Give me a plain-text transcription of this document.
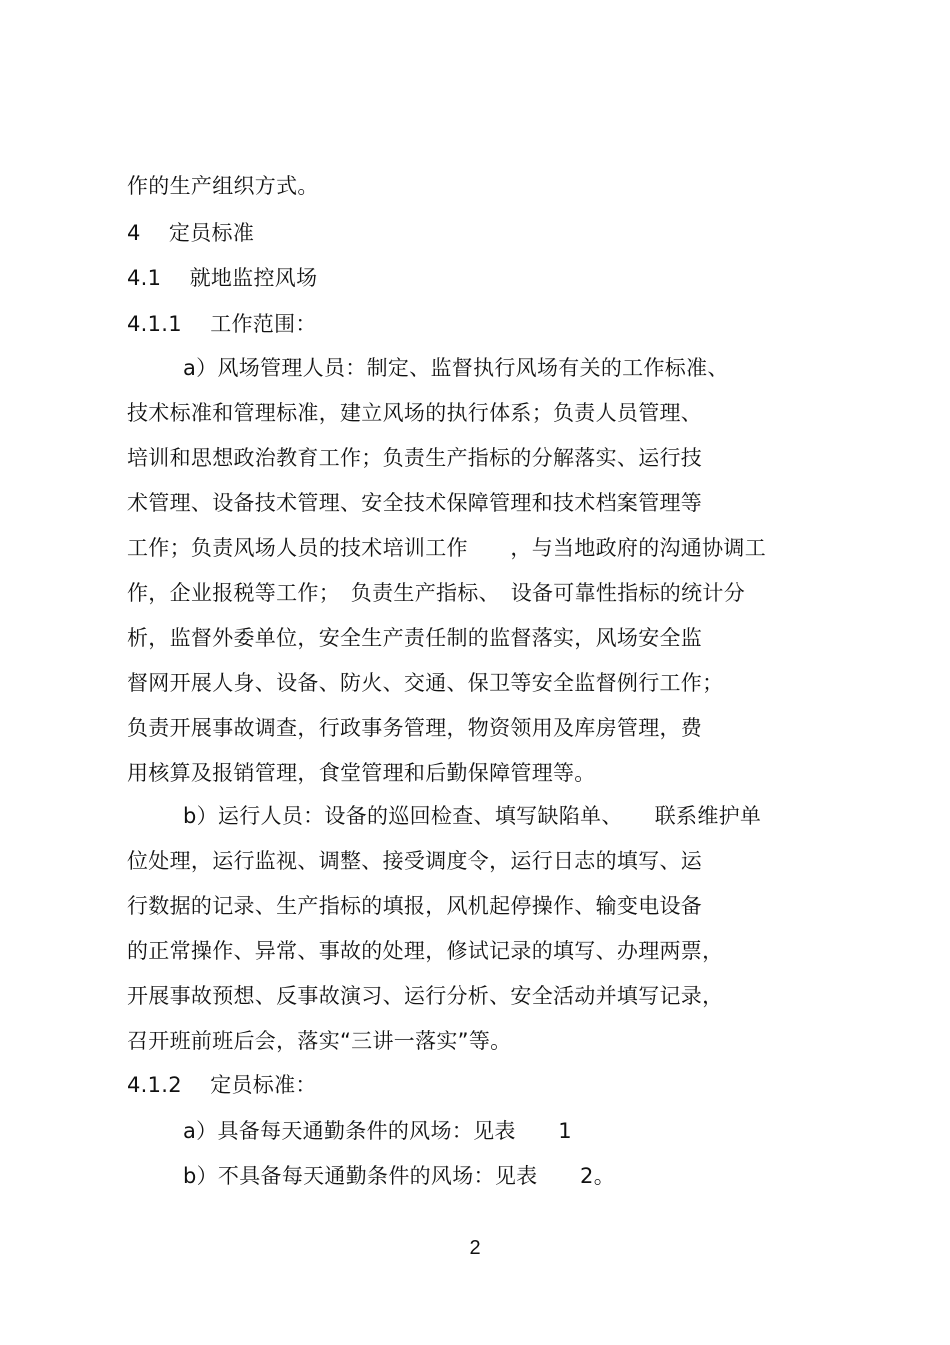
作的生产组织方式。
4　 定员标准
4.1　 就地监控风场
4.1.1　 工作范围：
a）风场管理人员：制定、监督执行风场有关的工作标准、
技术标准和管理标准，建立风场的执行体系；负责人员管理、
培训和思想政治教育工作；负责生产指标的分解落实、运行技
术管理、设备技术管理、安全技术保障管理和技术档案管理等
工作；负责风场人员的技术培训工作　　，与当地政府的沟通协调工
作，企业报税等工作；　负责生产指标、　设备可靠性指标的统计分
析，监督外委单位，安全生产责任制的监督落实，风场安全监
督网开展人身、设备、防火、交通、保卫等安全监督例行工作；
负责开展事故调查，行政事务管理，物资领用及库房管理，费
用核算及报销管理，食堂管理和后勤保障管理等。
b）运行人员：设备的巡回检查、填写缺陷单、　　联系维护单
位处理，运行监视、调整、接受调度令，运行日志的填写、运
行数据的记录、生产指标的填报，风机起停操作、输变电设备
的正常操作、异常、事故的处理，修试记录的填写、办理两票，
开展事故预想、反事故演习、运行分析、安全活动并填写记录，
召开班前班后会，落实“三讲一落实”等。
4.1.2　 定员标准：
a）具备每天通勤条件的风场：见表　　1
b）不具备每天通勤条件的风场：见表　　2。
2
